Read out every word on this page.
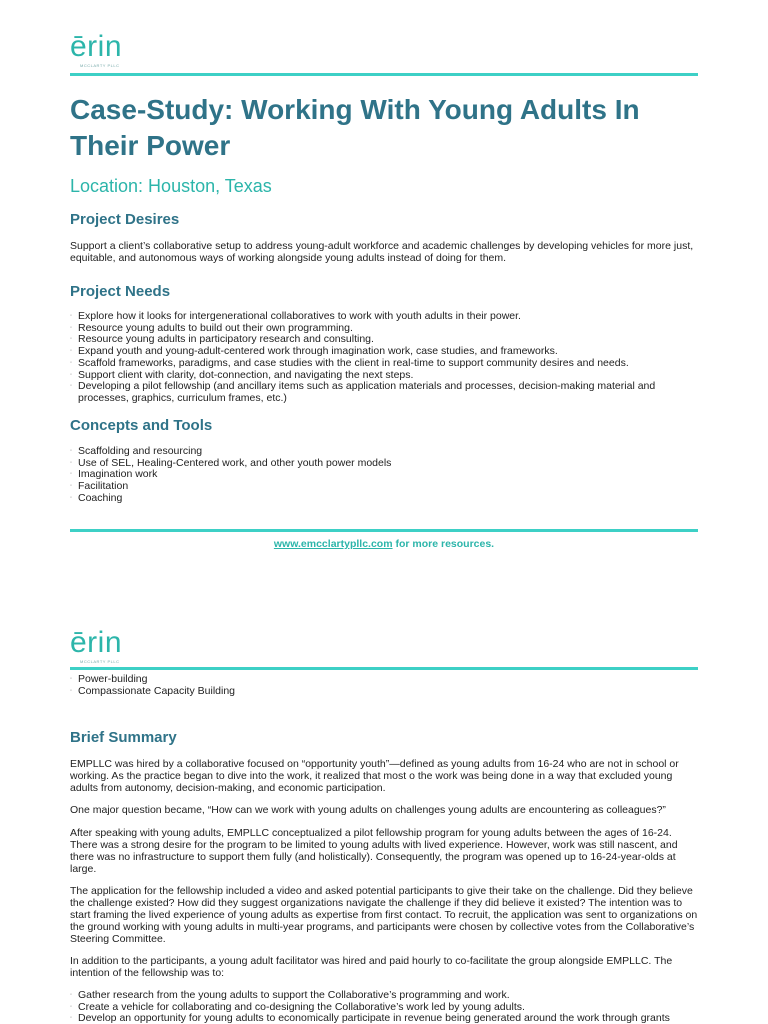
ērin
MCCLARTY PLLC
Case-Study: Working With Young Adults In Their Power
Location: Houston, Texas
Project Desires

Support a client’s collaborative setup to address young-adult workforce and academic challenges by developing vehicles for more just, equitable, and autonomous ways of working alongside young adults instead of doing for them.

Project Needs
◦ Explore how it looks for intergenerational collaboratives to work with youth adults in their power.
◦ Resource young adults to build out their own programming.
◦ Resource young adults in participatory research and consulting.
◦ Expand youth and young-adult-centered work through imagination work, case studies, and frameworks.
◦ Scaffold frameworks, paradigms, and case studies with the client in real-time to support community desires and needs.
◦ Support client with clarity, dot-connection, and navigating the next steps.
◦ Developing a pilot fellowship (and ancillary items such as application materials and processes, decision-making material and processes, graphics, curriculum frames, etc.)
Concepts and Tools
◦ Scaffolding and resourcing
◦ Use of SEL, Healing-Centered work, and other youth power models
◦ Imagination work
◦ Facilitation
◦ Coaching
www.emcclartypllc.com for more resources.
ērin
MCCLARTY PLLC
◦ Power-building
◦ Compassionate Capacity Building
Brief Summary

EMPLLC was hired by a collaborative focused on “opportunity youth”—defined as young adults from 16-24 who are not in school or working. As the practice began to dive into the work, it realized that most o the work was being done in a way that excluded young adults from autonomy, decision-making, and economic participation.

One major question became, “How can we work with young adults on challenges young adults are encountering as colleagues?”

After speaking with young adults, EMPLLC conceptualized a pilot fellowship program for young adults between the ages of 16-24. There was a strong desire for the program to be limited to young adults with lived experience. However, work was still nascent, and there was no infrastructure to support them fully (and holistically). Consequently, the program was opened up to 16-24-year-olds at large.

The application for the fellowship included a video and asked potential participants to give their take on the challenge. Did they believe the challenge existed? How did they suggest organizations navigate the challenge if they did believe it existed? The intention was to start framing the lived experience of young adults as expertise from first contact. To recruit, the application was sent to organizations on the ground working with young adults in multi-year programs, and participants were chosen by collective votes from the Collaborative’s Steering Committee.

In addition to the participants, a young adult facilitator was hired and paid hourly to co-facilitate the group alongside EMPLLC. The intention of the fellowship was to:

◦ Gather research from the young adults to support the Collaborative’s programming and work.
◦ Create a vehicle for collaborating and co-designing the Collaborative’s work led by young adults.
◦ Develop an opportunity for young adults to economically participate in revenue being generated around the work through grants
